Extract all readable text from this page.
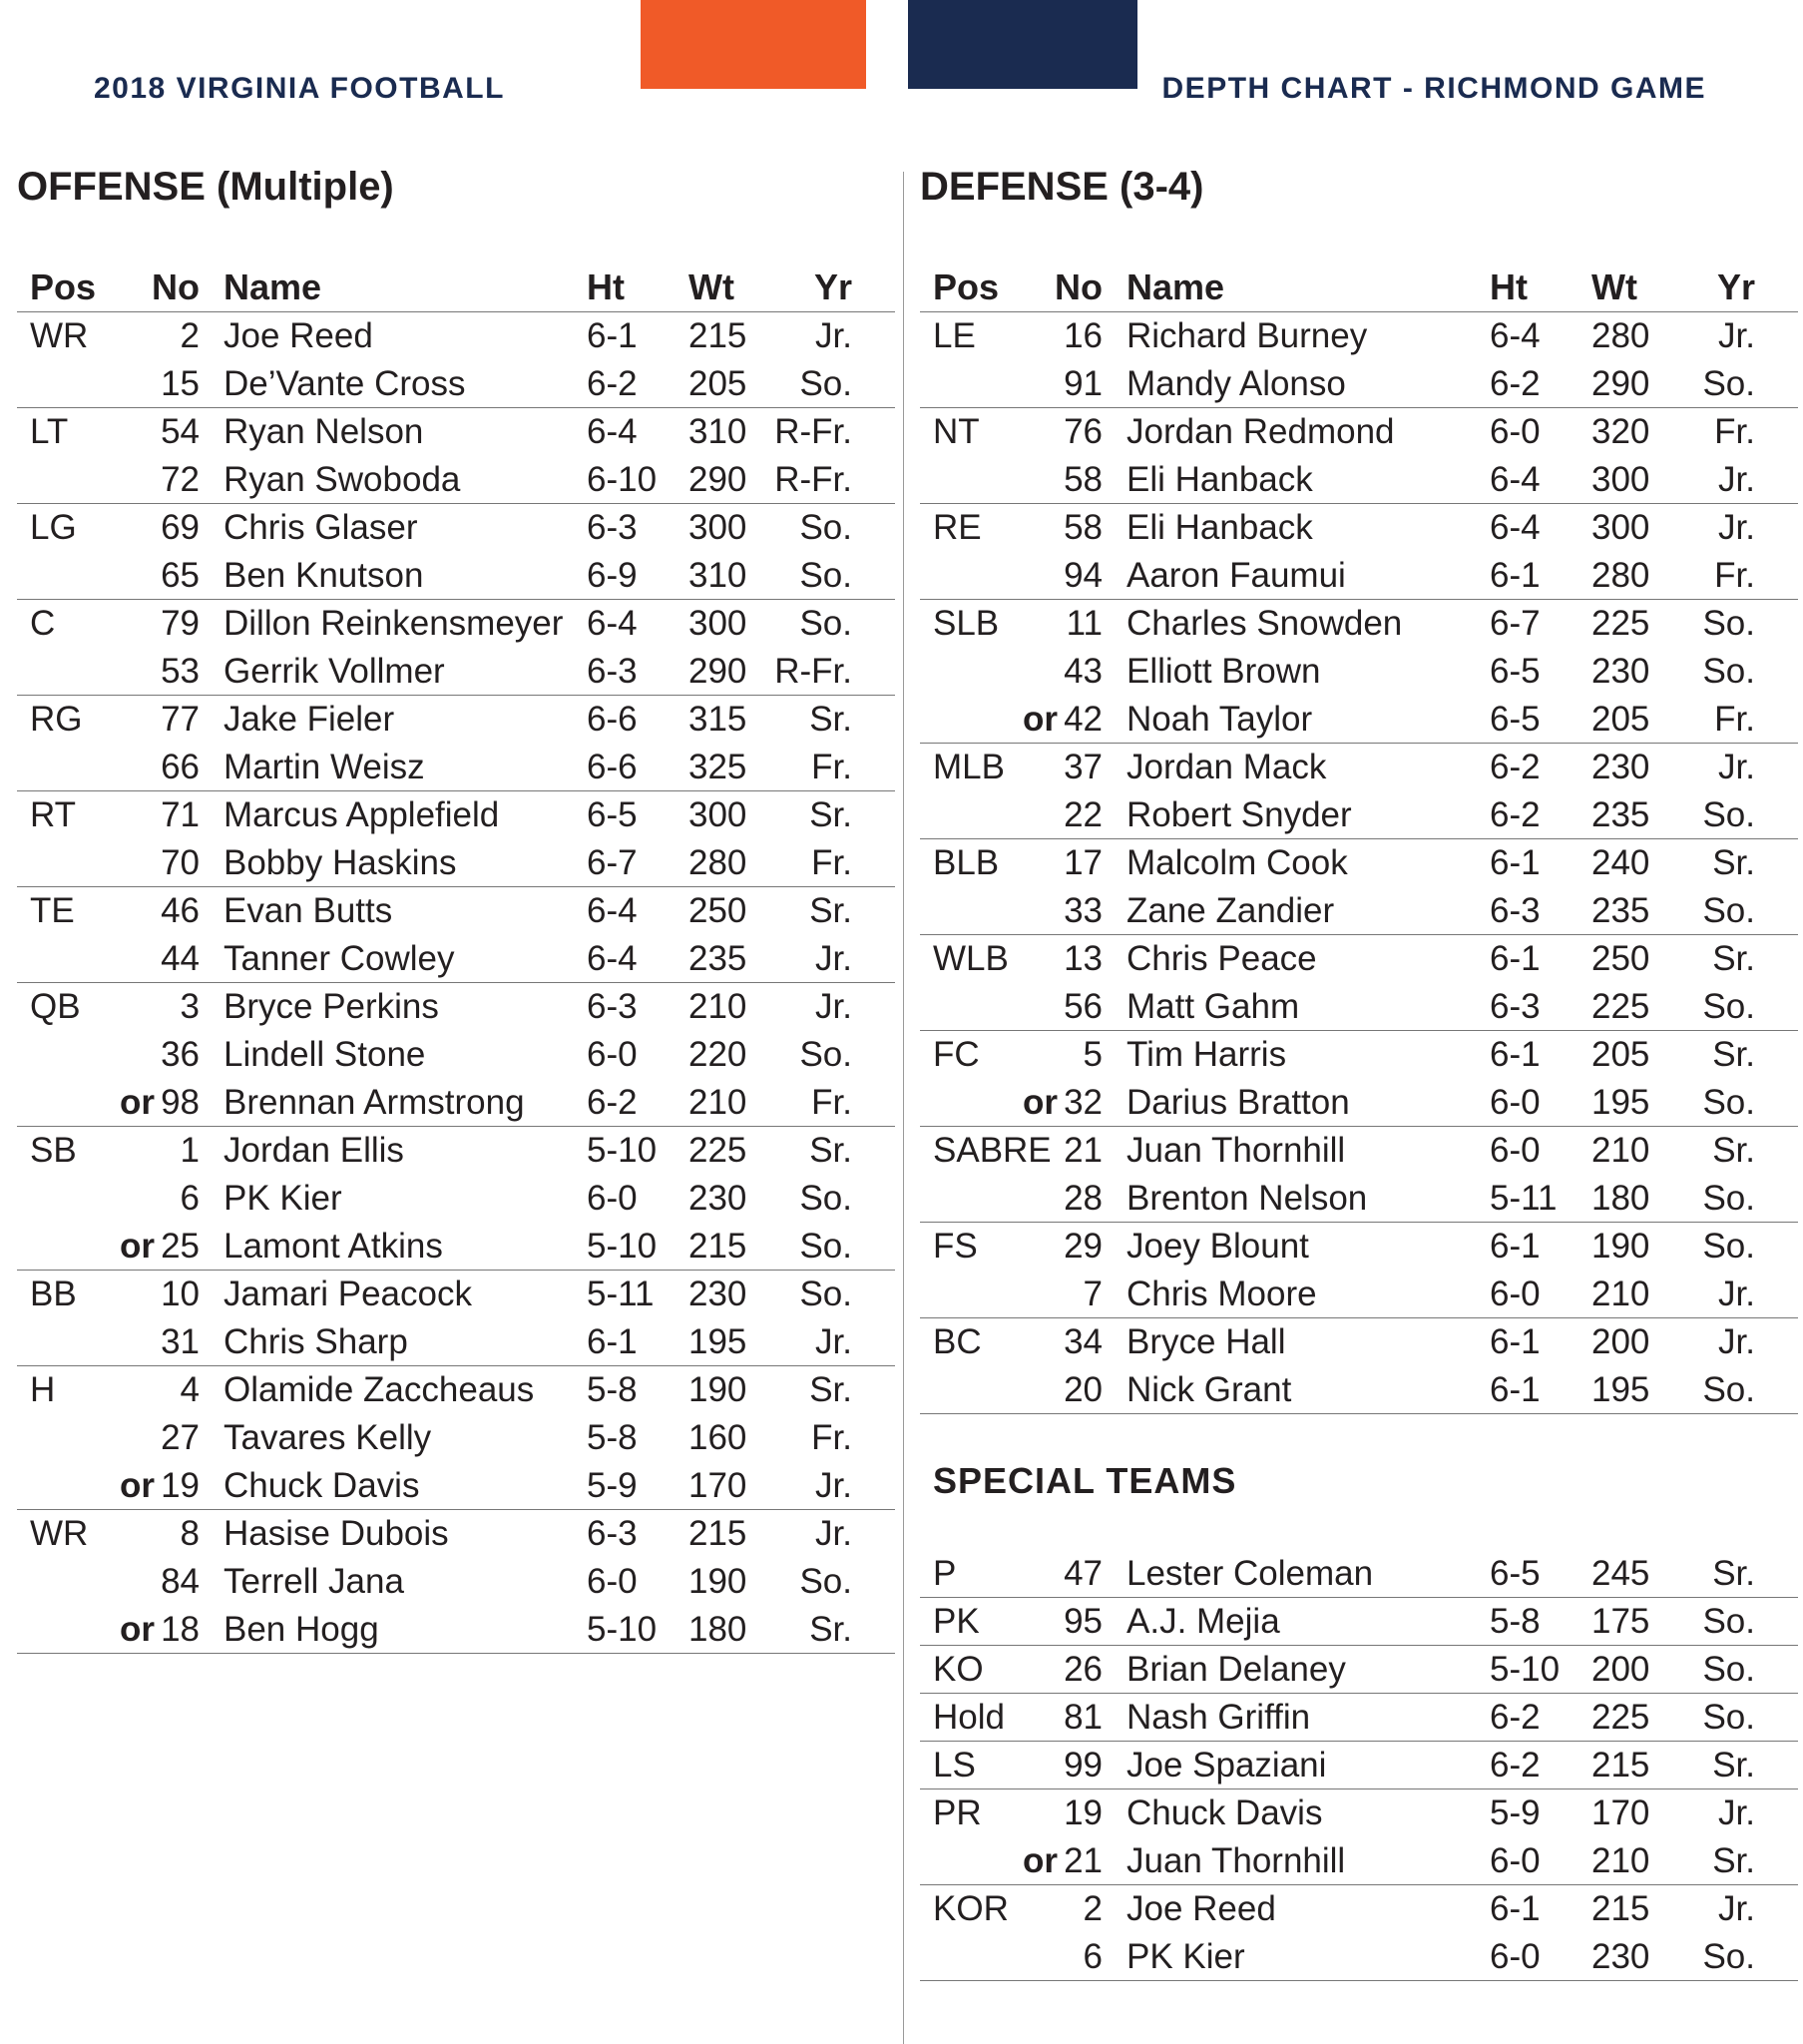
2018 VIRGINIA FOOTBALL	DEPTH CHART - RICHMOND GAME
OFFENSE (Multiple)	DEFENSE (3-4)
Pos No Name	Ht Wt Yr
WR	2 Joe Reed	6-1 215 Jr.
15 De’Vante Cross	6-2 205 So.
LT	54 Ryan Nelson	6-4 310 R-Fr.
72 Ryan Swoboda	6-10 290 R-Fr.
LG 69 Chris Glaser	6-3 300 So.
65 Ben Knutson	6-9 310 So.
C	79 Dillon Reinkensmeyer 6-4 300 So.
53 Gerrik Vollmer	6-3 290 R-Fr.
RG 77 Jake Fieler	6-6 315 Sr.
66 Martin Weisz	6-6 325 Fr.
RT 71 Marcus Applefield	6-5 300 Sr.
70 Bobby Haskins	6-7 280 Fr.
TE 46 Evan Butts	6-4 250 Sr.
44 Tanner Cowley	6-4 235 Jr.
QB	3 Bryce Perkins	6-3 210 Jr.
36 Lindell Stone	6-0 220 So.
or 98 Brennan Armstrong 6-2 210 Fr.
SB	1 Jordan Ellis	5-10 225 Sr.
6 PK Kier	6-0 230 So.
or 25 Lamont Atkins	5-10 215 So.
BB 10 Jamari Peacock	5-11 230 So.
31 Chris Sharp	6-1 195 Jr.
H	4 Olamide Zaccheaus 5-8 190 Sr.
27 Tavares Kelly	5-8 160 Fr.
or 19 Chuck Davis	5-9 170 Jr.
WR	8 Hasise Dubois	6-3 215 Jr.
84 Terrell Jana	6-0 190 So.
or 18 Ben Hogg	5-10 180 Sr.
Pos No Name	Ht Wt Yr
LE	16 Richard Burney	6-4 280 Jr.
91 Mandy Alonso	6-2 290 So.
NT 76 Jordan Redmond	6-0 320 Fr.
58 Eli Hanback	6-4 300 Jr.
RE 58 Eli Hanback	6-4 300 Jr.
94 Aaron Faumui	6-1 280 Fr.
SLB 11 Charles Snowden	6-7 225 So.
43 Elliott Brown	6-5 230 So.
or 42 Noah Taylor	6-5 205 Fr.
MLB 37 Jordan Mack	6-2 230 Jr.
22 Robert Snyder	6-2 235 So.
BLB 17 Malcolm Cook	6-1 240 Sr.
33 Zane Zandier	6-3 235 So.
WLB 13 Chris Peace	6-1 250 Sr.
56 Matt Gahm	6-3 225 So.
FC	5 Tim Harris	6-1 205 Sr.
or 32 Darius Bratton	6-0 195 So.
SABRE 21 Juan Thornhill	6-0 210 Sr.
28 Brenton Nelson	5-11 180 So.
FS 29 Joey Blount	6-1 190 So.
7 Chris Moore	6-0 210 Jr.
BC 34 Bryce Hall	6-1 200 Jr.
20 Nick Grant	6-1 195 So.
SPECIAL TEAMS
P	47 Lester Coleman	6-5 245 Sr.
PK 95 A.J. Mejia	5-8 175 So.
KO 26 Brian Delaney	5-10 200 So.
Hold 81 Nash Griffin	6-2 225 So.
LS	99 Joe Spaziani	6-2 215 Sr.
PR 19 Chuck Davis	5-9 170 Jr.
or 21 Juan Thornhill	6-0 210 Sr.
KOR 2 Joe Reed	6-1 215 Jr.
6 PK Kier	6-0 230 So.
